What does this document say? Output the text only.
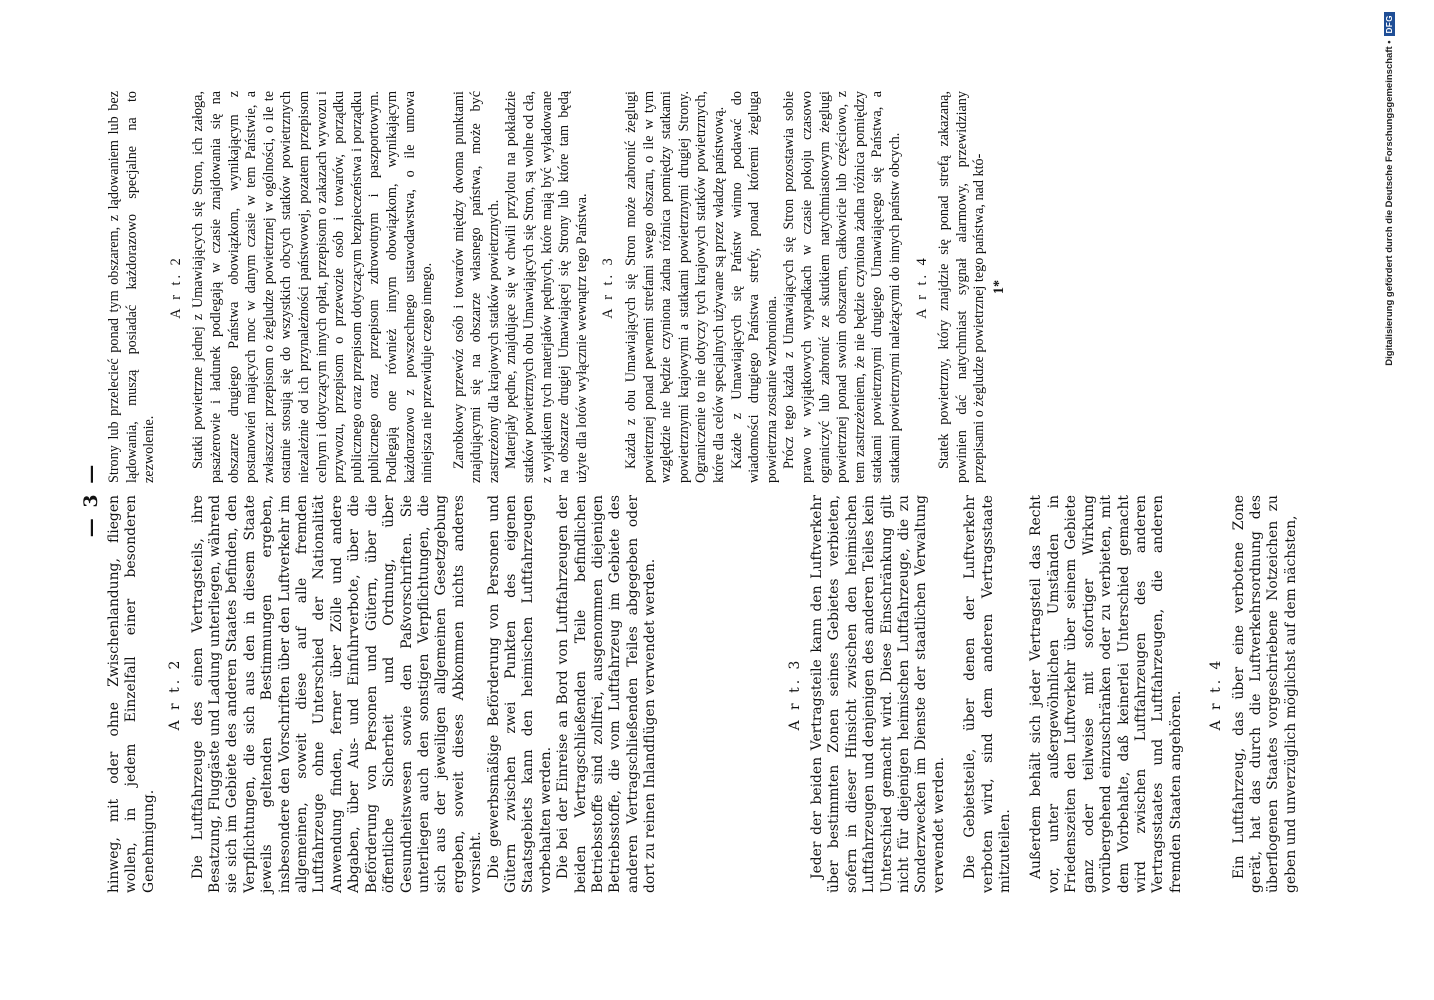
— 3 — hinweg, mit oder ohne Zwischenlandung, fliegen wollen, in jedem Einzelfall einer besonderen Genehmigung.

A r t. 2 Die Luftfahrzeuge des einen Vertragsteils, ihre Besatzung, Fluggäste und Ladung unterliegen, während sie sich im Gebiete des anderen Staates befinden, den Verpflichtungen, die sich aus den in diesem Staate jeweils geltenden Bestimmungen ergeben, insbesondere den Vorschriften über den Luftverkehr im allgemeinen, soweit diese auf alle fremden Luftfahrzeuge ohne Unterschied der Nationalität Anwendung finden, ferner über Zölle und andere Abgaben, über Aus- und Einfuhrverbote, über die Beförderung von Personen und Gütern, über die öffentliche Sicherheit und Ordnung, über Gesundheitswesen sowie den Paßvorschriften. Sie unterliegen auch den sonstigen Verpflichtungen, die sich aus der jeweiligen allgemeinen Gesetzgebung ergeben, soweit dieses Abkommen nichts anderes vorsieht. Die gewerbsmäßige Beförderung von Personen und Gütern zwischen zwei Punkten des eigenen Staatsgebiets kann den heimischen Luftfahrzeugen vorbehalten werden. Die bei der Einreise an Bord von Luftfahrzeugen der beiden Vertragschließenden Teile befindlichen Betriebsstoffe sind zollfrei, ausgenommen diejenigen Betriebsstoffe, die vom Luftfahrzeug im Gebiete des anderen Vertragschließenden Teiles abgegeben oder dort zu reinen Inlandflügen verwendet werden.	A r t. 3 Jeder der beiden Vertragsteile kann den Luftverkehr über bestimmten Zonen seines Gebietes verbieten, sofern in dieser Hinsicht zwischen den heimischen Luftfahrzeugen und denjenigen des anderen Teiles kein Unterschied gemacht wird. Diese Einschränkung gilt nicht für diejenigen heimischen Luftfahrzeuge, die zu Sonderzwecken im Dienste der staatlichen Verwaltung verwendet werden. Die Gebietsteile, über denen der Luftverkehr verboten wird, sind dem anderen Vertragsstaate mitzuteilen. Außerdem behält sich jeder Vertragsteil das Recht vor, unter außergewöhnlichen Umständen in Friedenszeiten den Luftverkehr über seinem Gebiete ganz oder teilweise mit sofortiger Wirkung vorübergehend einzuschränken oder zu verbieten, mit dem Vorbehalte, daß keinerlei Unterschied gemacht wird zwischen Luftfahrzeugen des anderen Vertragsstaates und Luftfahrzeugen, die anderen fremden Staaten angehören. A r t. 4 Ein Luftfahrzeug, das über eine verbotene Zone gerät, hat das durch die Luftverkehrsordnung des überflogenen Staates vorgeschriebene Notzeichen zu geben und unverzüglich möglichst auf dem nächsten,

Strony lub przelecieć ponad tym obszarem, z lądowaniem lub bez lądowania, muszą posiadać każdorazowo specjalne na to zezwolenie.

A r t. 2 Statki powietrzne jednej z Umawiających się Stron, ich załoga, pasażerowie i ładunek podlegają w czasie znajdowania się na obszarze drugiego Państwa obowiązkom, wynikającym z postanowień mających moc w danym czasie w tem Państwie, a zwłaszcza: przepisom o żegludze powietrznej w ogólności, o ile te ostatnie stosują się do wszystkich obcych statków powietrznych niezależnie od ich przynależności państwowej, pozatem przepisom celnym i dotyczącym innych opłat, przepisom o zakazach wywozu i przywozu, przepisom o przewozie osób i towarów, porządku publicznego oraz przepisom dotyczącym bezpieczeństwa i porządku publicznego oraz przepisom zdrowotnym i paszportowym. Podlegają one również innym obowiązkom, wynikającym każdorazowo z powszechnego ustawodawstwa, o ile umowa niniejsza nie przewiduje czego innego. Zarobkowy przewóz osób i towarów między dwoma punktami znajdującymi się na obszarze własnego państwa, może być zastrzeżony dla krajowych statków powietrznych. Materjały pędne, znajdujące się w chwili przylotu na pokładzie statków powietrznych obu Umawiających się Stron, są wolne od cła, z wyjątkiem tych materjałów pędnych, które mają być wyładowane na obszarze drugiej Umawiającej się Strony lub które tam będą użyte dla lotów wyłącznie wewnątrz tego Państwa. A r t. 3 Każda z obu Umawiających się Stron może zabronić żeglugi powietrznej ponad pewnemi strefami swego obszaru, o ile w tym względzie nie będzie czyniona żadna różnica pomiędzy statkami powietrznymi krajowymi a statkami powietrznymi drugiej Strony. Ograniczenie to nie dotyczy tych krajowych statków powietrznych, które dla celów specjalnych używane są przez władzę państwową. Każde z Umawiających się Państw winno podawać do wiadomości drugiego Państwa strefy, ponad któremi żegluga powietrzna zostanie wzbroniona. Prócz tego każda z Umawiających się Stron pozostawia sobie prawo w wyjątkowych wypadkach w czasie pokoju czasowo ograniczyć lub zabronić ze skutkiem natychmiastowym żeglugi powietrznej ponad swoim obszarem, całkowicie lub częściowo, z tem zastrzeżeniem, że nie będzie czyniona żadna różnica pomiędzy statkami powietrznymi drugiego Umawiającego się Państwa, a statkami powietrznymi należącymi do innych państw obcych. A r t. 4 Statek powietrzny, który znajdzie się ponad strefą zakazaną, powinien dać natychmiast sygnał alarmowy, przewidziany przepisami o żegludze powietrznej tego państwa, nad któ- 1*	Digitalisierung gefördert durch die Deutsche Forschungsgemeinschaft •
DFG
